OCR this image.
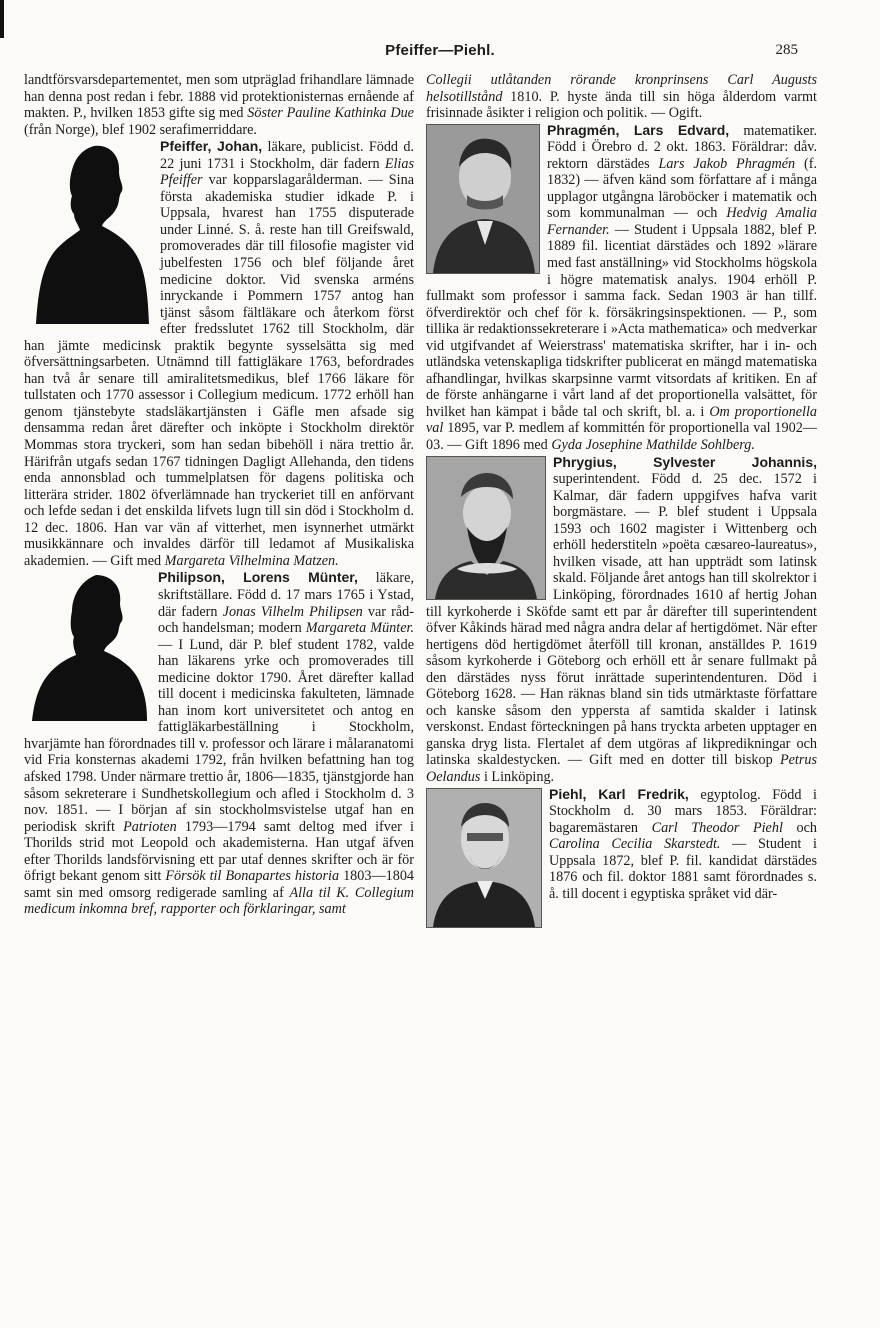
Pfeiffer—Piehl.	285

landtförsvarsdepartementet, men som utpräglad frihandlare lämnade han denna post redan i febr. 1888 vid protektionisternas ernående af makten. P., hvilken 1853 gifte sig med Söster Pauline Kathinka Due (från Norge), blef 1902 serafimerriddare.

Pfeiffer, Johan,
läkare, publicist. Född d. 22 juni 1731 i Stockholm, där fadern Elias Pfeiffer var kopparslagarålderman. — Sina första akademiska studier idkade P. i Uppsala, hvarest han 1755 disputerade under Linné. S. å. reste han till Greifswald, promoverades där till filosofie magister vid jubelfesten 1756 och blef följande året medicine doktor. Vid svenska arméns inryckande i Pommern 1757 antog han tjänst såsom fältläkare och återkom först efter fredsslutet 1762 till Stockholm, där han jämte medicinsk praktik begynte sysselsätta sig med öfversättningsarbeten. Utnämnd till fattigläkare 1763, befordrades han två år senare till amiralitetsmedikus, blef 1766 läkare för tullstaten och 1770 assessor i Collegium medicum. 1772 erhöll han genom tjänstebyte stadsläkartjänsten i Gäfle men afsade sig densamma redan året därefter och inköpte i Stockholm direktör Mommas stora tryckeri, som han sedan bibehöll i nära trettio år. Härifrån utgafs sedan 1767 tidningen Dagligt Allehanda, den tidens enda annonsblad och tummelplatsen för dagens politiska och litterära strider. 1802 öfverlämnade han tryckeriet till en anförvant och lefde sedan i det enskilda lifvets lugn till sin död i Stockholm d. 12 dec. 1806. Han var vän af vitterhet, men isynnerhet utmärkt musikkännare och invaldes därför till ledamot af Musikaliska akademien. — Gift med Margareta Vilhelmina Matzen.

Philipson, Lorens Münter,
läkare, skriftställare. Född d. 17 mars 1765 i Ystad, där fadern Jonas Vilhelm Philipsen var råd- och handelsman; modern Margareta Münter. — I Lund, där P. blef student 1782, valde han läkarens yrke och promoverades till medicine doktor 1790. Året därefter kallad till docent i medicinska fakulteten, lämnade han inom kort universitetet och antog en fattigläkarbeställning i Stockholm, hvarjämte han förordnades till v. professor och lärare i målaranatomi vid Fria konsternas akademi 1792, från hvilken befattning han tog afsked 1798. Under närmare trettio år, 1806—1835, tjänstgjorde han såsom sekreterare i Sundhetskollegium och afled i Stockholm d. 3 nov. 1851. — I början af sin stockholmsvistelse utgaf han en periodisk skrift Patrioten 1793—1794 samt deltog med ifver i Thorilds strid mot Leopold och akademisterna. Han utgaf äfven efter Thorilds landsförvisning ett par utaf dennes skrifter och är för öfrigt bekant genom sitt Försök til Bonapartes historia 1803—1804 samt sin med omsorg redigerade samling af Alla til K. Collegium medicum inkomna bref, rapporter och förklaringar, samt

Collegii utlåtanden rörande kronprinsens Carl Augusts helsotillstånd 1810. P. hyste ända till sin höga ålderdom varmt frisinnade åsikter i religion och politik. — Ogift.

Phragmén, Lars Edvard,
matematiker. Född i Örebro d. 2 okt. 1863. Föräldrar: dåv. rektorn därstädes Lars Jakob Phragmén (f. 1832) — äfven känd som författare af i många upplagor utgångna läroböcker i matematik och som kommunalman — och Hedvig Amalia Fernander. — Student i Uppsala 1882, blef P. 1889 fil. licentiat därstädes och 1892 »lärare med fast anställning» vid Stockholms högskola i högre matematisk analys. 1904 erhöll P. fullmakt som professor i samma fack. Sedan 1903 är han tillf. öfverdirektör och chef för k. försäkringsinspektionen. — P., som tillika är redaktionssekreterare i »Acta mathematica» och medverkar vid utgifvandet af Weierstrass' matematiska skrifter, har i in- och utländska vetenskapliga tidskrifter publicerat en mängd matematiska afhandlingar, hvilkas skarpsinne varmt vitsordats af kritiken. En af de förste anhängarne i vårt land af det proportionella valsättet, för hvilket han kämpat i både tal och skrift, bl. a. i Om proportionella val 1895, var P. medlem af kommittén för proportionella val 1902—03. — Gift 1896 med Gyda Josephine Mathilde Sohlberg.

Phrygius, Sylvester Johannis,
superintendent. Född d. 25 dec. 1572 i Kalmar, där fadern uppgifves hafva varit borgmästare. — P. blef student i Uppsala 1593 och 1602 magister i Wittenberg och erhöll hederstiteln »poëta cæsareo-laureatus», hvilken visade, att han uppträdt som latinsk skald. Följande året antogs han till skolrektor i Linköping, förordnades 1610 af hertig Johan till kyrkoherde i Sköfde samt ett par år därefter till superintendent öfver Kåkinds härad med några andra delar af hertigdömet. När efter hertigens död hertigdömet återföll till kronan, anställdes P. 1619 såsom kyrkoherde i Göteborg och erhöll ett år senare fullmakt på den därstädes nyss förut inrättade superintendenturen. Död i Göteborg 1628. — Han räknas bland sin tids utmärktaste författare och kanske såsom den yppersta af samtida skalder i latinsk verskonst. Endast förteckningen på hans tryckta arbeten upptager en ganska dryg lista. Flertalet af dem utgöras af likpredikningar och latinska skaldestycken. — Gift med en dotter till biskop Petrus Oelandus i Linköping.

Piehl, Karl Fredrik,
egyptolog. Född i Stockholm d. 30 mars 1853. Föräldrar: bagaremästaren Carl Theodor Piehl och Carolina Cecilia Skarstedt. — Student i Uppsala 1872, blef P. fil. kandidat därstädes 1876 och fil. doktor 1881 samt förordnades s. å. till docent i egyptiska språket vid där-
